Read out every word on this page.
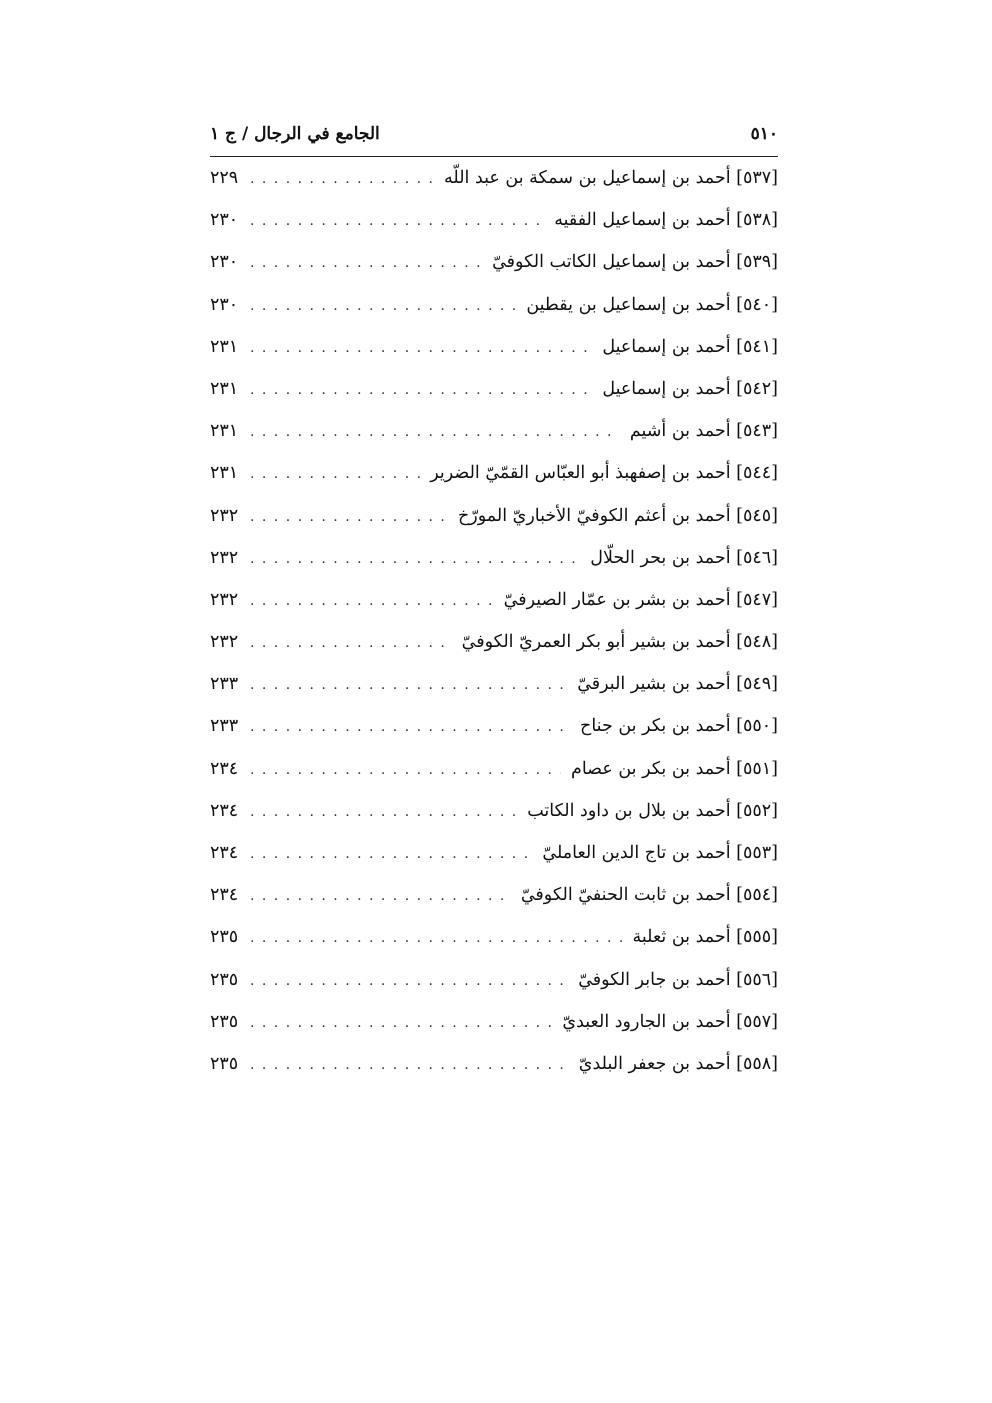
٥١٠
الجامع في الرجال / ج ١
[٥٣٧] أحمد بن إسماعيل بن سمكة بن عبد اللّه
. . .
٢٢٩
[٥٣٨] أحمد بن إسماعيل الفقيه
. . .
٢٣٠
[٥٣٩] أحمد بن إسماعيل الكاتب الكوفيّ
. . .
٢٣٠
[٥٤٠] أحمد بن إسماعيل بن يقطين
. . .
٢٣٠
[٥٤١] أحمد بن إسماعيل
. . .
٢٣١
[٥٤٢] أحمد بن إسماعيل
. . .
٢٣١
[٥٤٣] أحمد بن أشيم
. . .
٢٣١
[٥٤٤] أحمد بن إصفهبذ أبو العبّاس القمّيّ الضرير
. . .
٢٣١
[٥٤٥] أحمد بن أعثم الكوفيّ الأخباريّ المورّخ
. . .
٢٣٢
[٥٤٦] أحمد بن بحر الحلّال
. . .
٢٣٢
[٥٤٧] أحمد بن بشر بن عمّار الصيرفيّ
. . .
٢٣٢
[٥٤٨] أحمد بن بشير أبو بكر العمريّ الكوفيّ
. . .
٢٣٢
[٥٤٩] أحمد بن بشير البرقيّ
. . .
٢٣٣
[٥٥٠] أحمد بن بكر بن جناح
. . .
٢٣٣
[٥٥١] أحمد بن بكر بن عصام
. . .
٢٣٤
[٥٥٢] أحمد بن بلال بن داود الكاتب
. . .
٢٣٤
[٥٥٣] أحمد بن تاج الدين العامليّ
. . .
٢٣٤
[٥٥٤] أحمد بن ثابت الحنفيّ الكوفيّ
. . .
٢٣٤
[٥٥٥] أحمد بن ثعلبة
. . .
٢٣٥
[٥٥٦] أحمد بن جابر الكوفيّ
. . .
٢٣٥
[٥٥٧] أحمد بن الجارود العبديّ
. . .
٢٣٥
[٥٥٨] أحمد بن جعفر البلديّ
. . .
٢٣٥
